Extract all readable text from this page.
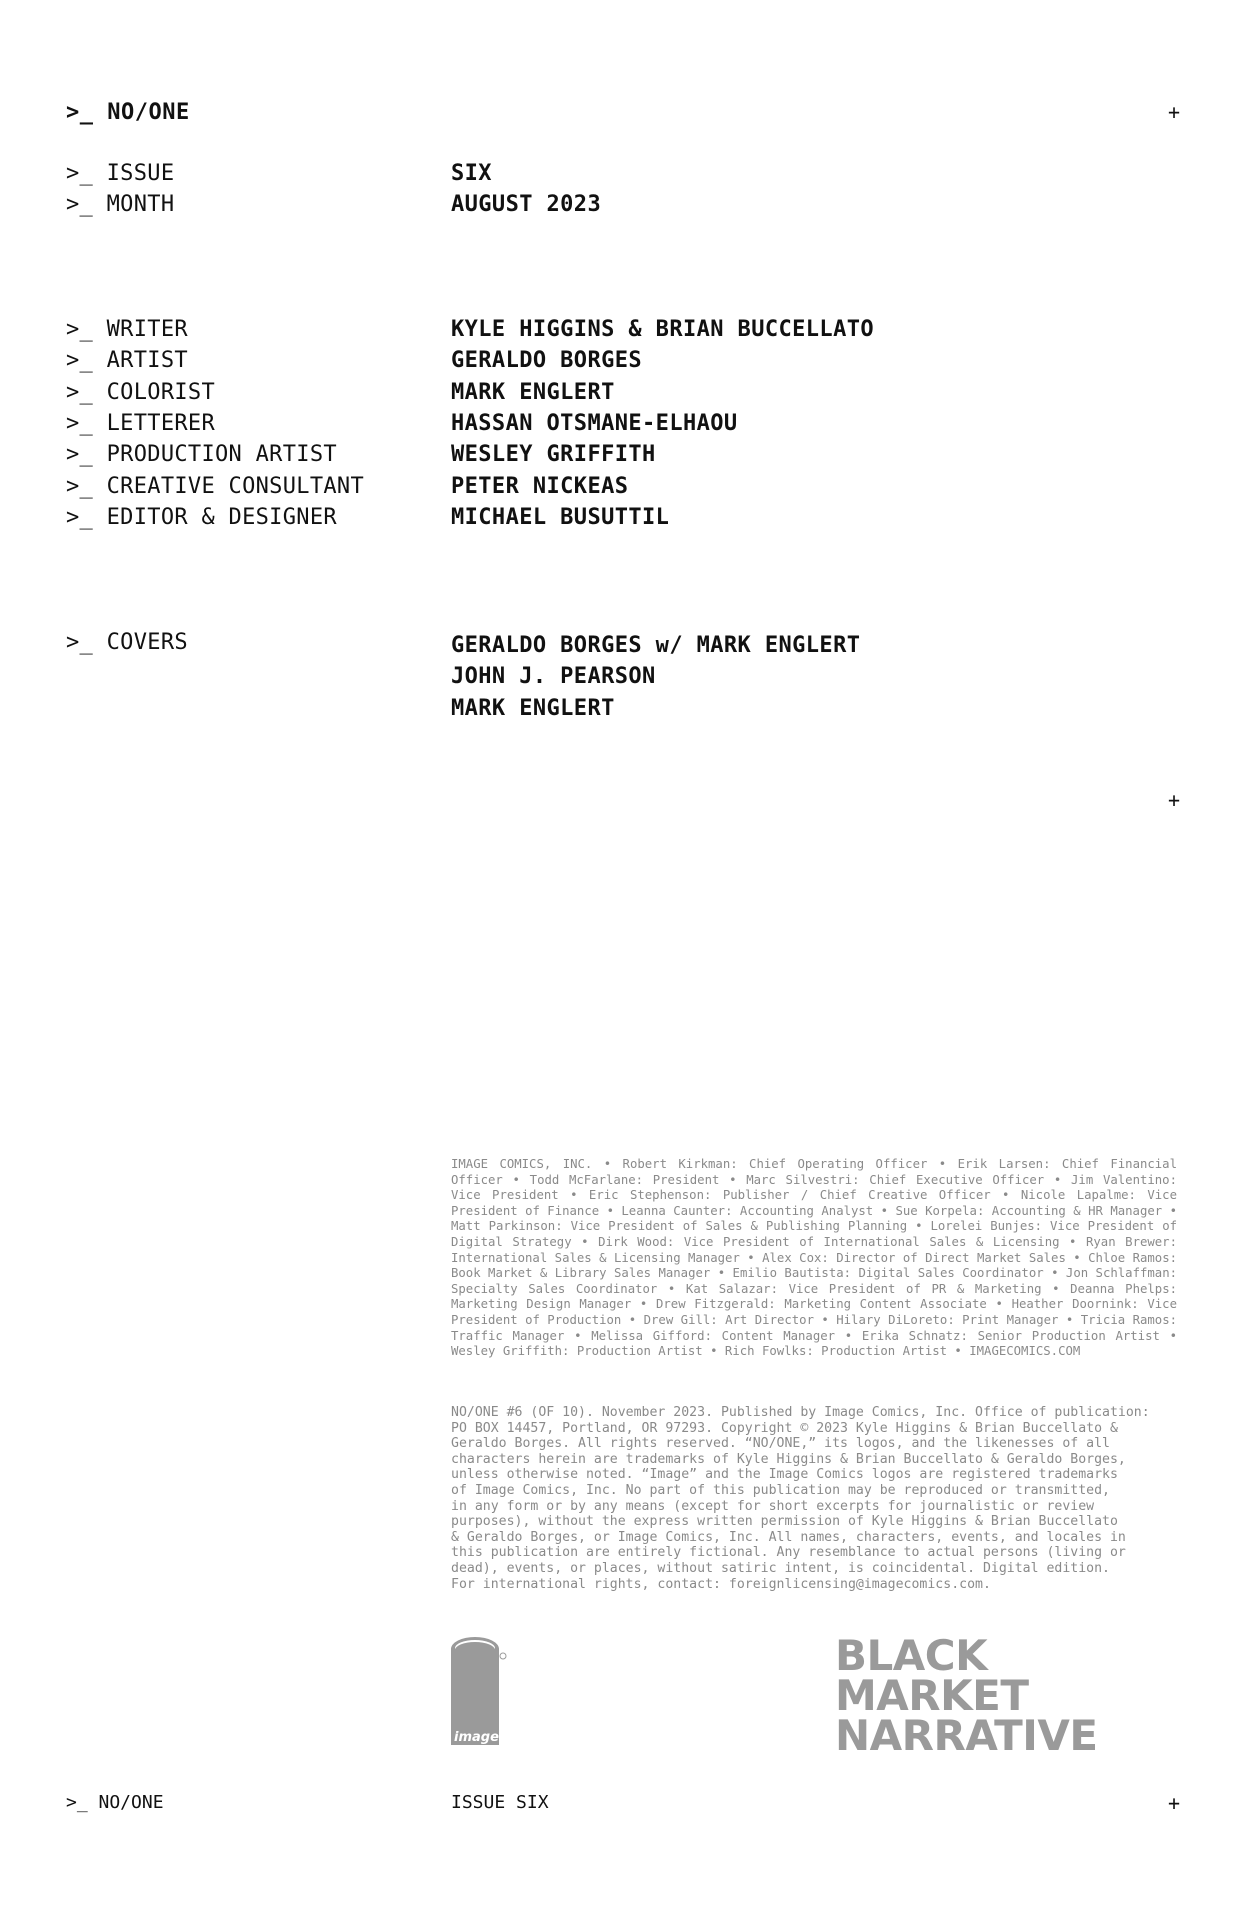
>_ NO/ONE	+
>_ ISSUE	SIX
>_ MONTH	AUGUST 2023
>_ WRITER	KYLE HIGGINS & BRIAN BUCCELLATO
>_ ARTIST	GERALDO BORGES
>_ COLORIST	MARK ENGLERT
>_ LETTERER	HASSAN OTSMANE-ELHAOU
>_ PRODUCTION ARTIST	WESLEY GRIFFITH
>_ CREATIVE CONSULTANT	PETER NICKEAS
>_ EDITOR & DESIGNER	MICHAEL BUSUTTIL
>_ COVERS	GERALDO BORGES w/ MARK ENGLERT
JOHN J. PEARSON
MARK ENGLERT
+
IMAGE COMICS, INC. • Robert Kirkman: Chief Operating Officer • Erik Larsen: Chief Financial Officer • Todd McFarlane: President • Marc Silvestri: Chief Executive Officer • Jim Valentino: Vice President • Eric Stephenson: Publisher / Chief Creative Officer • Nicole Lapalme: Vice President of Finance • Leanna Caunter: Accounting Analyst • Sue Korpela: Accounting & HR Manager • Matt Parkinson: Vice President of Sales & Publishing Planning • Lorelei Bunjes: Vice President of Digital Strategy • Dirk Wood: Vice President of International Sales & Licensing • Ryan Brewer: International Sales & Licensing Manager • Alex Cox: Director of Direct Market Sales • Chloe Ramos: Book Market & Library Sales Manager • Emilio Bautista: Digital Sales Coordinator • Jon Schlaffman: Specialty Sales Coordinator • Kat Salazar: Vice President of PR & Marketing • Deanna Phelps: Marketing Design Manager • Drew Fitzgerald: Marketing Content Associate • Heather Doornink: Vice President of Production • Drew Gill: Art Director • Hilary DiLoreto: Print Manager • Tricia Ramos: Traffic Manager • Melissa Gifford: Content Manager • Erika Schnatz: Senior Production Artist • Wesley Griffith: Production Artist • Rich Fowlks: Production Artist • IMAGECOMICS.COM
NO/ONE #6 (OF 10). November 2023. Published by Image Comics, Inc. Office of publication:
PO BOX 14457, Portland, OR 97293. Copyright © 2023 Kyle Higgins & Brian Buccellato &
Geraldo Borges. All rights reserved. “NO/ONE,” its logos, and the likenesses of all
characters herein are trademarks of Kyle Higgins & Brian Buccellato & Geraldo Borges,
unless otherwise noted. “Image” and the Image Comics logos are registered trademarks
of Image Comics, Inc. No part of this publication may be reproduced or transmitted,
in any form or by any means (except for short excerpts for journalistic or review
purposes), without the express written permission of Kyle Higgins & Brian Buccellato
& Geraldo Borges, or Image Comics, Inc. All names, characters, events, and locales in
this publication are entirely fictional. Any resemblance to actual persons (living or
dead), events, or places, without satiric intent, is coincidental. Digital edition.
For international rights, contact: foreignlicensing@imagecomics.com.
image
BLACK
MARKET
NARRATIVE
>_ NO/ONE	ISSUE SIX	+
